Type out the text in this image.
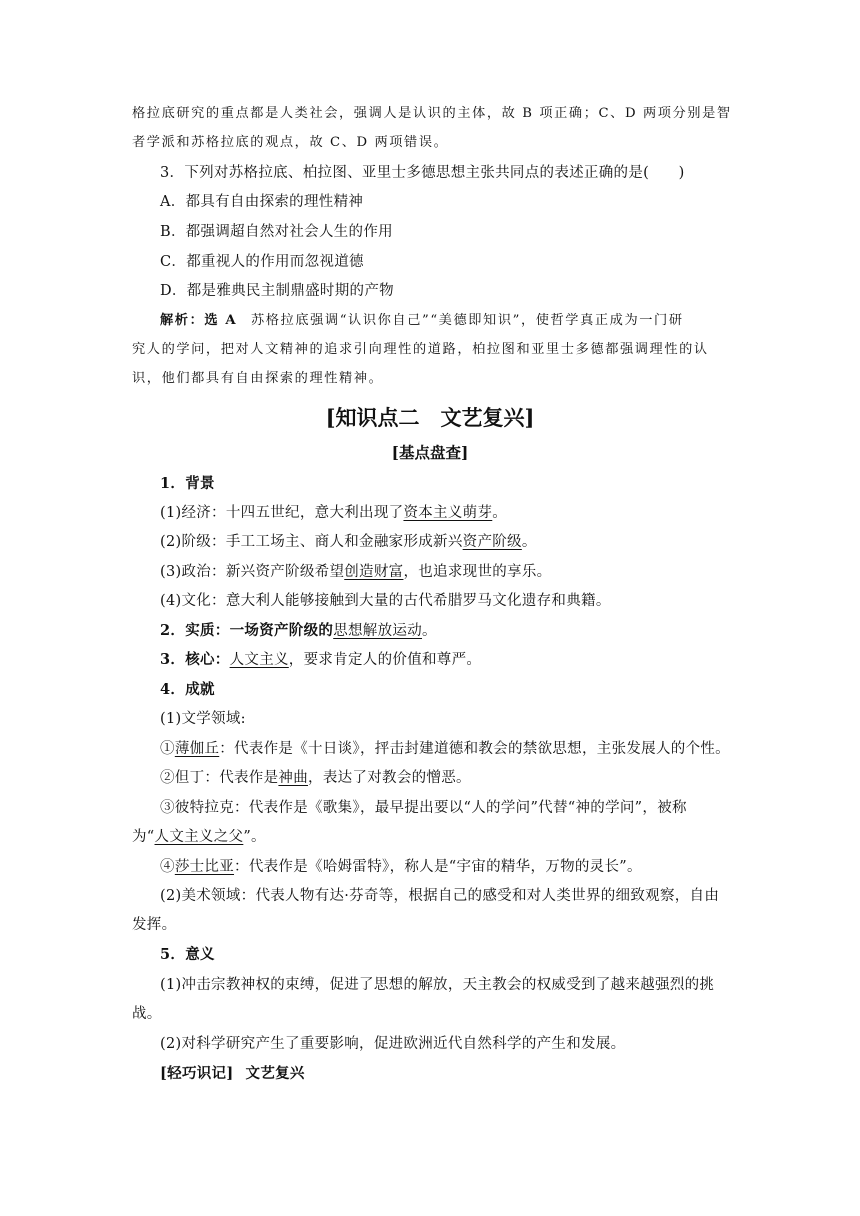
格拉底研究的重点都是人类社会，强调人是认识的主体，故 B 项正确；C、D 两项分别是智
者学派和苏格拉底的观点，故 C、D 两项错误。
3．下列对苏格拉底、柏拉图、亚里士多德思想主张共同点的表述正确的是(　　)
A．都具有自由探索的理性精神
B．都强调超自然对社会人生的作用
C．都重视人的作用而忽视道德
D．都是雅典民主制鼎盛时期的产物
解析：选 A 苏格拉底强调“认识你自己”“美德即知识”，使哲学真正成为一门研
究人的学问，把对人文精神的追求引向理性的道路，柏拉图和亚里士多德都强调理性的认
识，他们都具有自由探索的理性精神。
[知识点二　文艺复兴]
[基点盘查]
1．背景
(1)经济：十四五世纪，意大利出现了资本主义萌芽。
(2)阶级：手工工场主、商人和金融家形成新兴资产阶级。
(3)政治：新兴资产阶级希望创造财富，也追求现世的享乐。
(4)文化：意大利人能够接触到大量的古代希腊罗马文化遗存和典籍。
2．实质：一场资产阶级的思想解放运动。
3．核心：人文主义，要求肯定人的价值和尊严。
4．成就
(1)文学领域:
①薄伽丘：代表作是《十日谈》，抨击封建道德和教会的禁欲思想，主张发展人的个性。
②但丁：代表作是神曲，表达了对教会的憎恶。
③彼特拉克：代表作是《歌集》，最早提出要以“人的学问”代替“神的学问”，被称
为“人文主义之父”。
④莎士比亚：代表作是《哈姆雷特》，称人是“宇宙的精华，万物的灵长”。
(2)美术领域：代表人物有达·芬奇等，根据自己的感受和对人类世界的细致观察，自由
发挥。
5．意义
(1)冲击宗教神权的束缚，促进了思想的解放，天主教会的权威受到了越来越强烈的挑
战。
(2)对科学研究产生了重要影响，促进欧洲近代自然科学的产生和发展。
[轻巧识记] 文艺复兴
